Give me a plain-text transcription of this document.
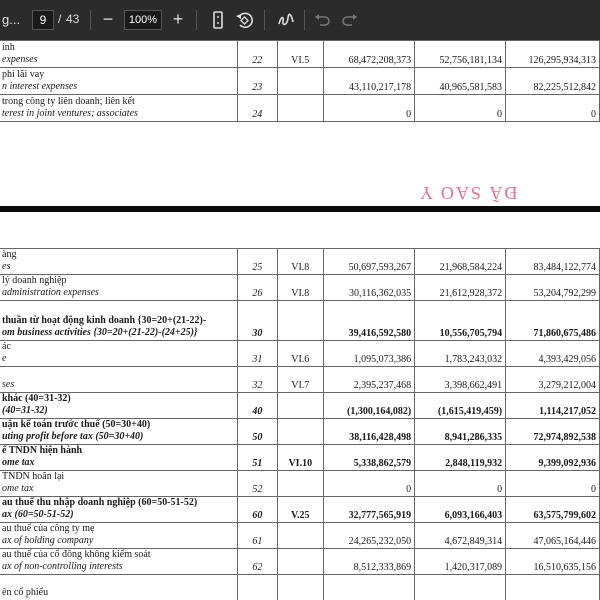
g...	9 / 43	−	100% +
ính
expenses	22	VI.5	68,472,208,373	52,756,181,134	126,295,934,313

phí lãi vay
n interest expenses	23		43,110,217,178	40,965,581,583	82,225,512,842

trong công ty liên doanh; liên kết
terest in joint ventures; associates	24		0	0	0
ĐÃ SAO Y
àng
es	25	VI.8	50,697,593,267	21,968,584,224	83,484,122,774

lý doanh nghiệp
administration expenses	26	VI.8	30,116,362,035	21,612,928,372	53,204,792,299

thuần từ hoạt động kinh doanh {30=20+(21-22)-
om business activities {30=20+(21-22)-(24+25)}	30		39,416,592,580	10,556,705,794	71,860,675,486

ác
e	31	VI.6	1,095,073,386	1,783,243,032	4,393,429,056

ses	32	VI.7	2,395,237,468	3,398,662,491	3,279,212,004

khác (40=31-32)
(40=31-32)	40		(1,300,164,082)	(1,615,419,459)	1,114,217,052

uận kế toán trước thuế (50=30+40)
uting profit before tax (50=30+40)	50		38,116,428,498	8,941,286,335	72,974,892,538

ế TNDN hiện hành
ome tax	51	VI.10	5,338,862,579	2,848,119,932	9,399,092,936

TNDN hoãn lại
ome tax	52		0	0	0

au thuế thu nhập doanh nghiệp (60=50-51-52)
ax (60=50-51-52)	60	V.25	32,777,565,919	6,093,166,403	63,575,799,602

au thuế của công ty mẹ
ax of holding company	61		24,265,232,050	4,672,849,314	47,065,164,446

au thuế của cổ đông không kiểm soát
ax of non-controlling interests	62		8,512,333,869	1,420,317,089	16,510,635,156

ên cổ phiếu					
